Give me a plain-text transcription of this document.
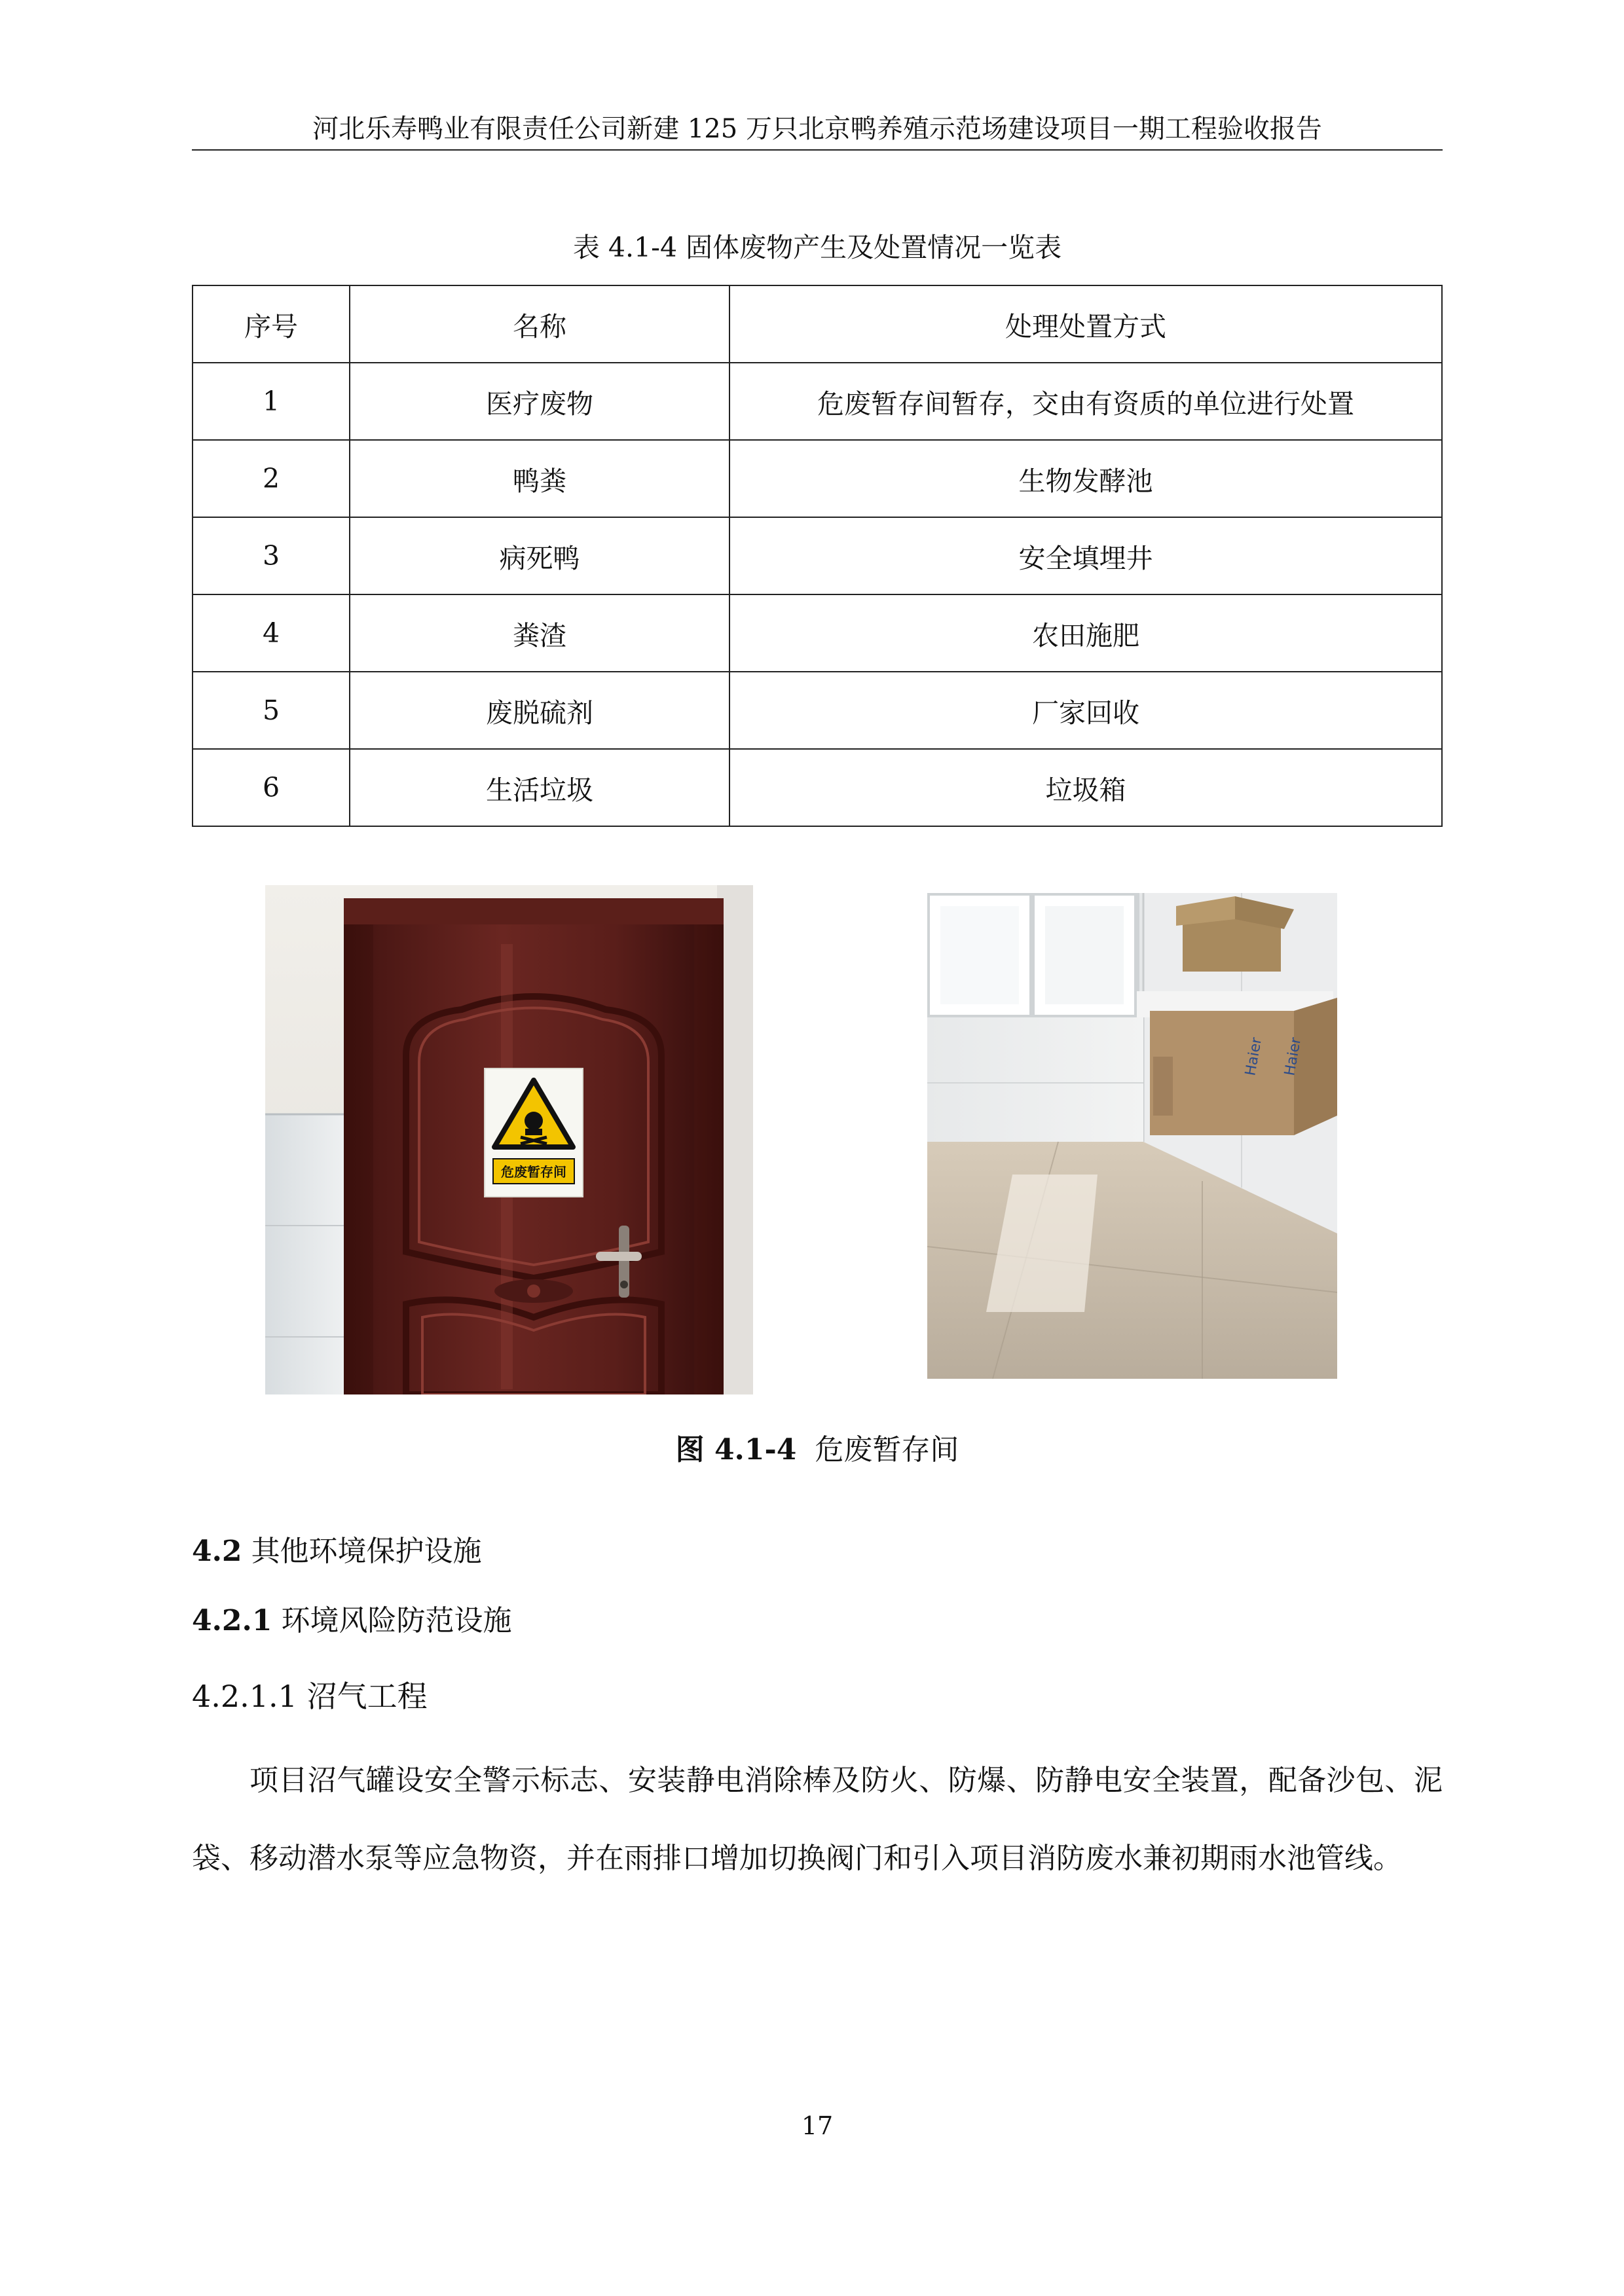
河北乐寿鸭业有限责任公司新建 125 万只北京鸭养殖示范场建设项目一期工程验收报告
表 4.1-4 固体废物产生及处置情况一览表
序号	名称	处理处置方式
1	医疗废物	危废暂存间暂存，交由有资质的单位进行处置
2	鸭粪	生物发酵池
3	病死鸭	安全填埋井
4	粪渣	农田施肥
5	废脱硫剂	厂家回收
6	生活垃圾	垃圾箱
危废暂存间
Haier Haier
图 4.1-4 危废暂存间
4.2 其他环境保护设施
4.2.1 环境风险防范设施
4.2.1.1 沼气工程
项目沼气罐设安全警示标志、安装静电消除棒及防火、防爆、防静电安全装置，配备沙包、泥袋、移动潜水泵等应急物资，并在雨排口增加切换阀门和引入项目消防废水兼初期雨水池管线。
17
